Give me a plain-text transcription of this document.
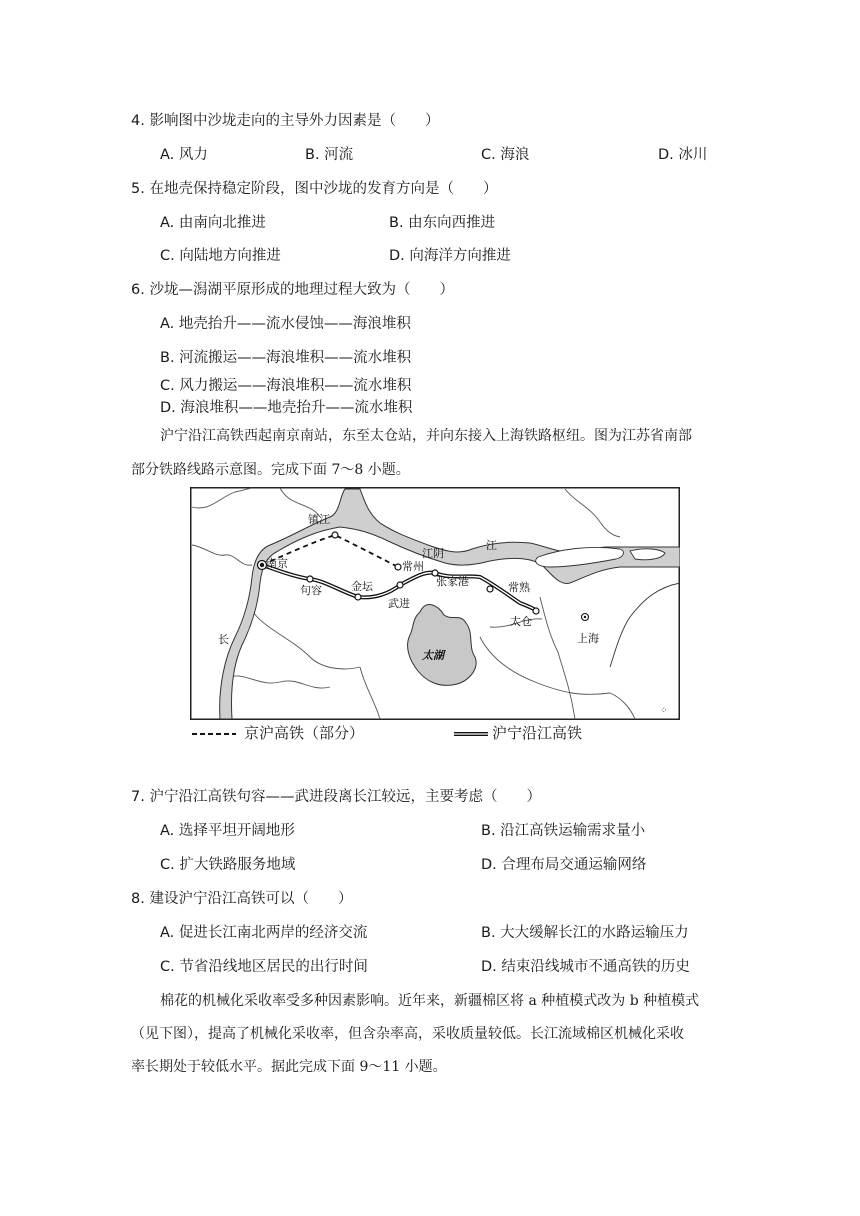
4. 影响图中沙垅走向的主导外力因素是（　　）
A. 风力	B. 河流	C. 海浪	D. 冰川
5. 在地壳保持稳定阶段，图中沙垅的发育方向是（　　）
A. 由南向北推进	B. 由东向西推进
C. 向陆地方向推进	D. 向海洋方向推进
6. 沙垅—潟湖平原形成的地理过程大致为（　　）
A. 地壳抬升——流水侵蚀——海浪堆积
B. 河流搬运——海浪堆积——流水堆积
C. 风力搬运——海浪堆积——流水堆积
D. 海浪堆积——地壳抬升——流水堆积
沪宁沿江高铁西起南京南站，东至太仓站，并向东接入上海铁路枢纽。图为江苏省南部
部分铁路线路示意图。完成下面 7～8 小题。
镇江
南京
句容	金坛
武进
常州
江阴
江
张家港	常熟
太仓
上海
太湖
长
⁘
京沪高铁（部分）	沪宁沿江高铁
7. 沪宁沿江高铁句容——武进段离长江较远，主要考虑（　　）
A. 选择平坦开阔地形	B. 沿江高铁运输需求量小
C. 扩大铁路服务地域	D. 合理布局交通运输网络
8. 建设沪宁沿江高铁可以（　　）
A. 促进长江南北两岸的经济交流	B. 大大缓解长江的水路运输压力
C. 节省沿线地区居民的出行时间	D. 结束沿线城市不通高铁的历史
棉花的机械化采收率受多种因素影响。近年来，新疆棉区将 a 种植模式改为 b 种植模式
（见下图），提高了机械化采收率，但含杂率高，采收质量较低。长江流域棉区机械化采收
率长期处于较低水平。据此完成下面 9～11 小题。
